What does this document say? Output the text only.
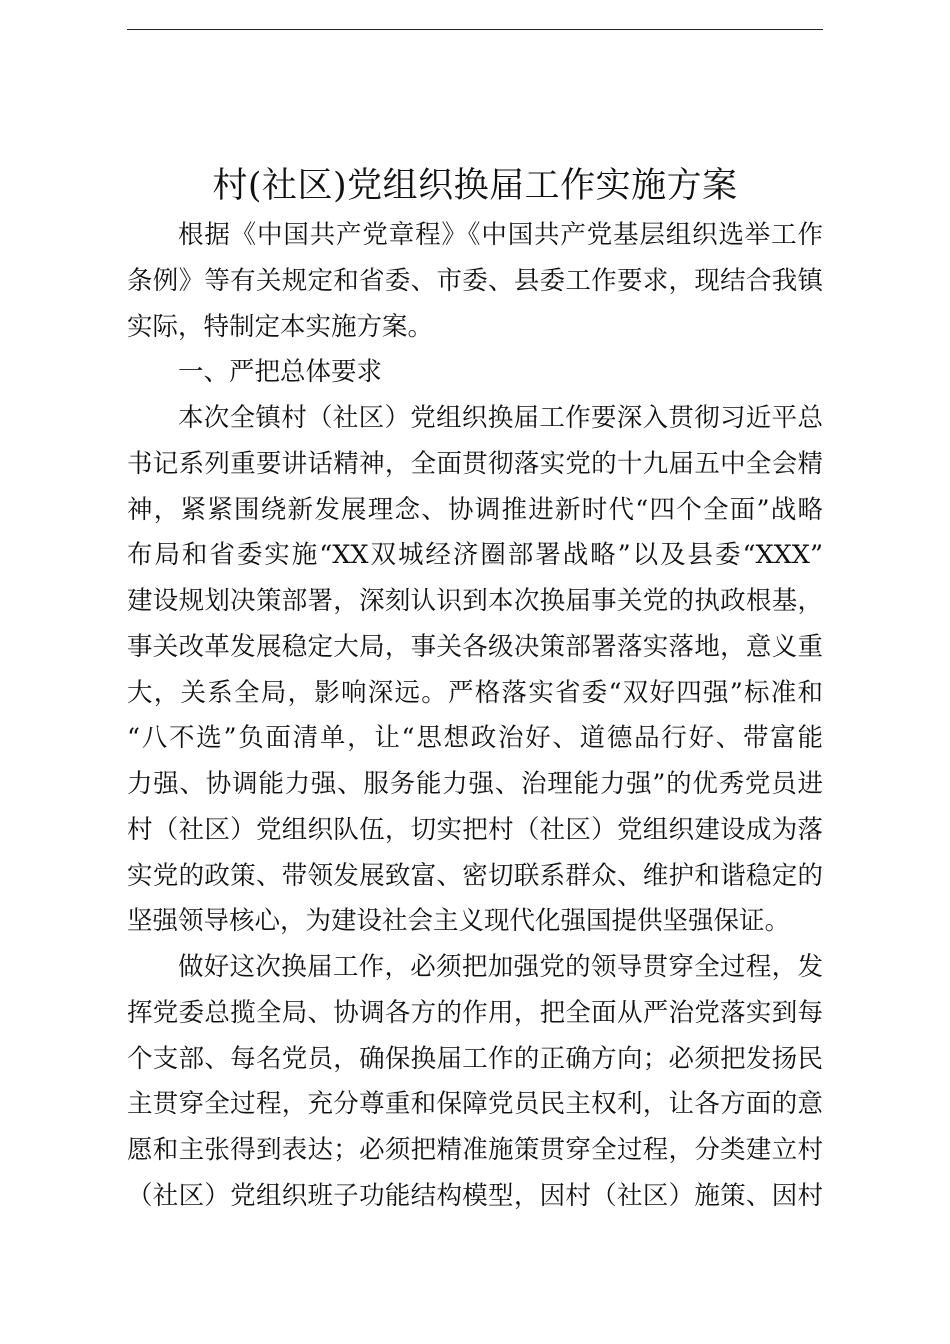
村(社区)党组织换届工作实施方案
根据《中国共产党章程》《中国共产党基层组织选举工作
条例》等有关规定和省委、市委、县委工作要求，现结合我镇
实际，特制定本实施方案。
一、严把总体要求
本次全镇村（社区）党组织换届工作要深入贯彻习近平总
书记系列重要讲话精神，全面贯彻落实党的十九届五中全会精
神，紧紧围绕新发展理念、协调推进新时代“四个全面”战略
布局和省委实施“XX双城经济圈部署战略”以及县委“XXX”
建设规划决策部署，深刻认识到本次换届事关党的执政根基，
事关改革发展稳定大局，事关各级决策部署落实落地，意义重
大，关系全局，影响深远。严格落实省委“双好四强”标准和
“八不选”负面清单，让“思想政治好、道德品行好、带富能
力强、协调能力强、服务能力强、治理能力强”的优秀党员进
村（社区）党组织队伍，切实把村（社区）党组织建设成为落
实党的政策、带领发展致富、密切联系群众、维护和谐稳定的
坚强领导核心，为建设社会主义现代化强国提供坚强保证。
做好这次换届工作，必须把加强党的领导贯穿全过程，发
挥党委总揽全局、协调各方的作用，把全面从严治党落实到每
个支部、每名党员，确保换届工作的正确方向；必须把发扬民
主贯穿全过程，充分尊重和保障党员民主权利，让各方面的意
愿和主张得到表达；必须把精准施策贯穿全过程，分类建立村
（社区）党组织班子功能结构模型，因村（社区）施策、因村
